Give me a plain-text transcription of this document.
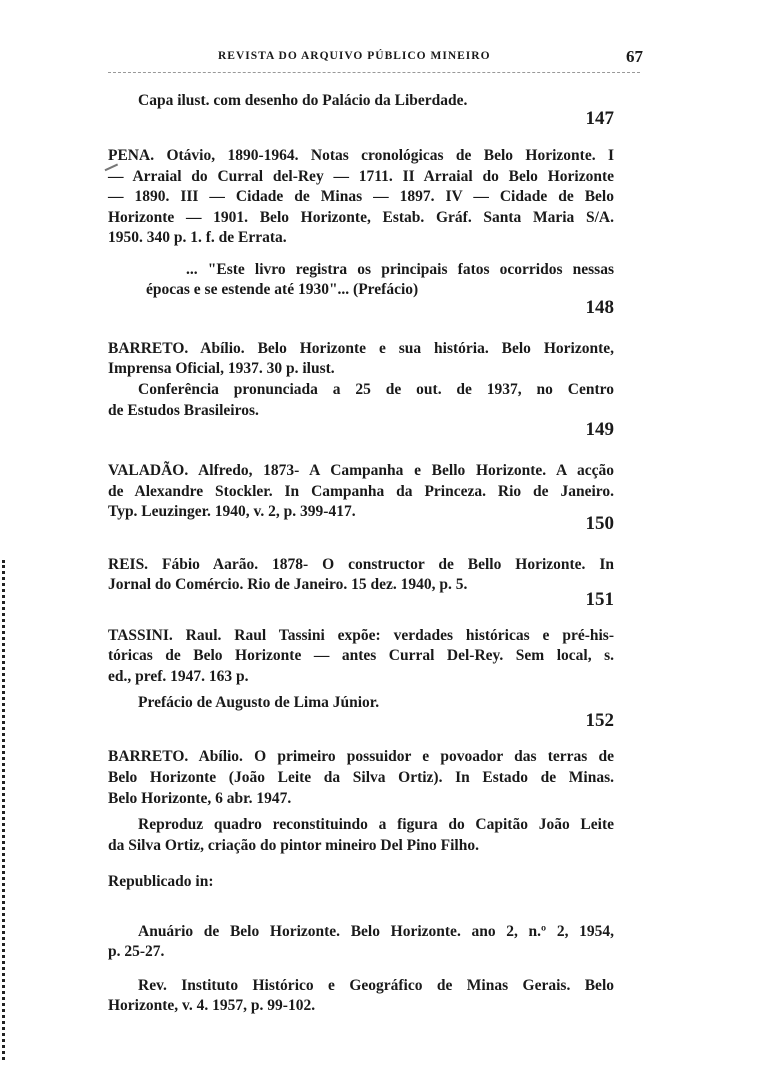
REVISTA DO ARQUIVO PÚBLICO MINEIRO	67
Capa ilust. com desenho do Palácio da Liberdade.
147
PENA. Otávio, 1890-1964. Notas cronológicas de Belo Horizonte. I
— Arraial do Curral del-Rey — 1711. II Arraial do Belo Horizonte
— 1890. III — Cidade de Minas — 1897. IV — Cidade de Belo
Horizonte — 1901. Belo Horizonte, Estab. Gráf. Santa Maria S/A.
1950. 340 p. 1. f. de Errata.
... "Este livro registra os principais fatos ocorridos nessas
épocas e se estende até 1930"... (Prefácio)
148
BARRETO. Abílio. Belo Horizonte e sua história. Belo Horizonte,
Imprensa Oficial, 1937. 30 p. ilust.
Conferência pronunciada a 25 de out. de 1937, no Centro
de Estudos Brasileiros.
149
VALADÃO. Alfredo, 1873- A Campanha e Bello Horizonte. A acção
de Alexandre Stockler. In Campanha da Princeza. Rio de Janeiro.
Typ. Leuzinger. 1940, v. 2, p. 399-417.
150
REIS. Fábio Aarão. 1878- O constructor de Bello Horizonte. In
Jornal do Comércio. Rio de Janeiro. 15 dez. 1940, p. 5.
151
TASSINI. Raul. Raul Tassini expõe: verdades históricas e pré-his-
tóricas de Belo Horizonte — antes Curral Del-Rey. Sem local, s.
ed., pref. 1947. 163 p.
Prefácio de Augusto de Lima Júnior.
152
BARRETO. Abílio. O primeiro possuidor e povoador das terras de
Belo Horizonte (João Leite da Silva Ortiz). In Estado de Minas.
Belo Horizonte, 6 abr. 1947.
Reproduz quadro reconstituindo a figura do Capitão João Leite
da Silva Ortiz, criação do pintor mineiro Del Pino Filho.
Republicado in:
Anuário de Belo Horizonte. Belo Horizonte. ano 2, n.º 2, 1954,
p. 25-27.
Rev. Instituto Histórico e Geográfico de Minas Gerais. Belo
Horizonte, v. 4. 1957, p. 99-102.
